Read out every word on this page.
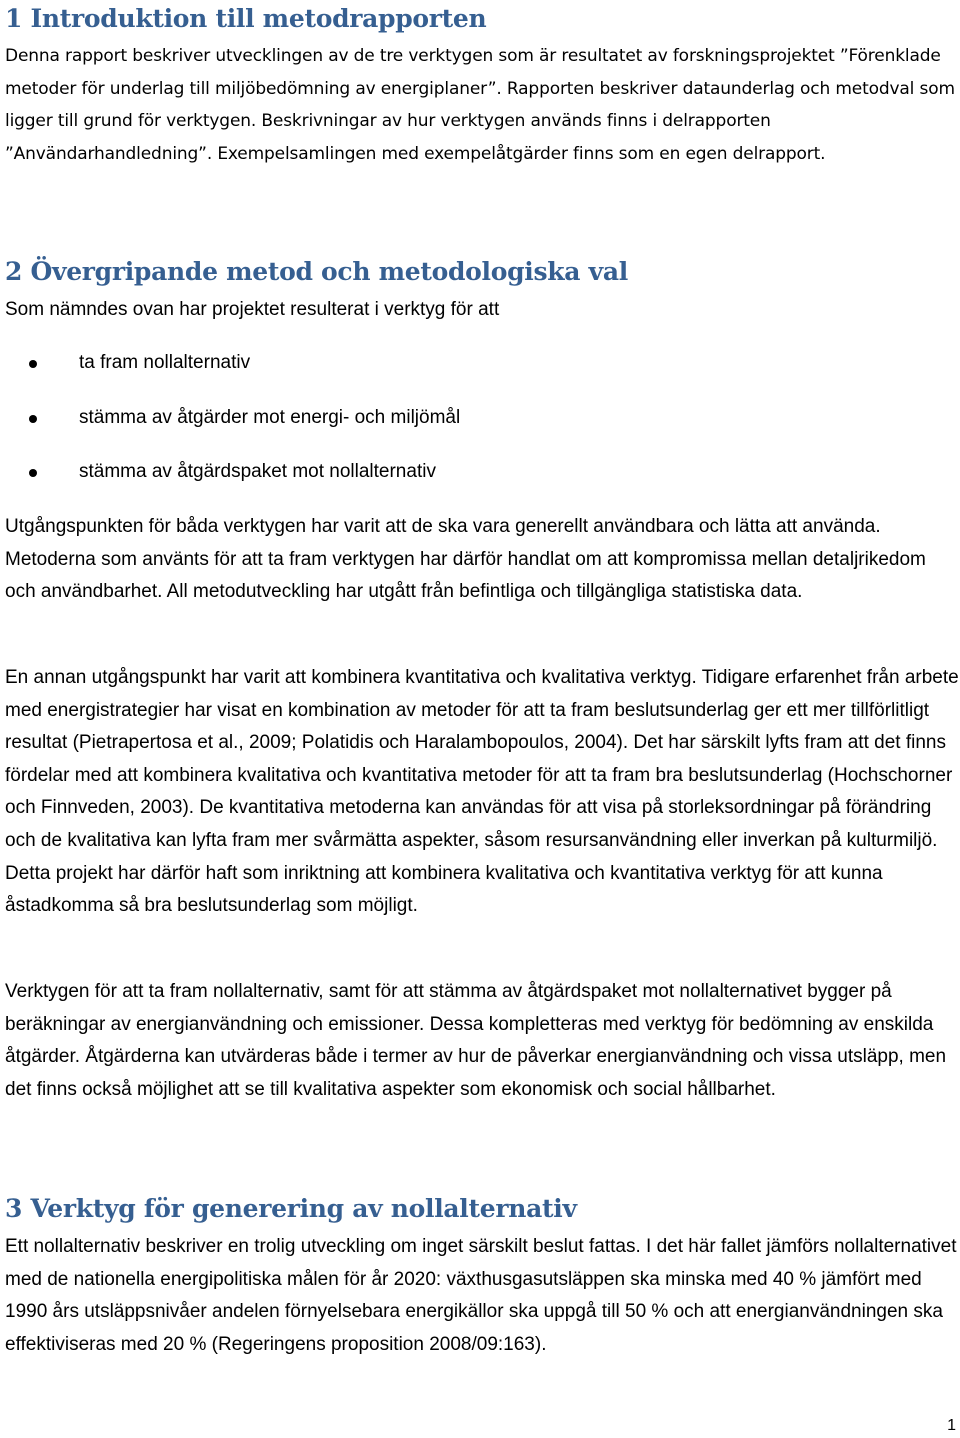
1 Introduktion till metodrapporten

Denna rapport beskriver utvecklingen av de tre verktygen som är resultatet av forskningsprojektet ”Förenklade metoder för underlag till miljöbedömning av energiplaner”. Rapporten beskriver dataunderlag och metodval som ligger till grund för verktygen. Beskrivningar av hur verktygen används finns i delrapporten ”Användarhandledning”. Exempelsamlingen med exempelåtgärder finns som en egen delrapport.

2 Övergripande metod och metodologiska val

Som nämndes ovan har projektet resulterat i verktyg för att

ta fram nollalternativ
stämma av åtgärder mot energi- och miljömål
stämma av åtgärdspaket mot nollalternativ

Utgångspunkten för båda verktygen har varit att de ska vara generellt användbara och lätta att använda. Metoderna som använts för att ta fram verktygen har därför handlat om att kompromissa mellan detaljrikedom och användbarhet. All metodutveckling har utgått från befintliga och tillgängliga statistiska data.

En annan utgångspunkt har varit att kombinera kvantitativa och kvalitativa verktyg. Tidigare erfarenhet från arbete med energistrategier har visat en kombination av metoder för att ta fram beslutsunderlag ger ett mer tillförlitligt resultat (Pietrapertosa et al., 2009; Polatidis och Haralambopoulos, 2004). Det har särskilt lyfts fram att det finns fördelar med att kombinera kvalitativa och kvantitativa metoder för att ta fram bra beslutsunderlag (Hochschorner och Finnveden, 2003). De kvantitativa metoderna kan användas för att visa på storleksordningar på förändring och de kvalitativa kan lyfta fram mer svårmätta aspekter, såsom resursanvändning eller inverkan på kulturmiljö. Detta projekt har därför haft som inriktning att kombinera kvalitativa och kvantitativa verktyg för att kunna åstadkomma så bra beslutsunderlag som möjligt.

Verktygen för att ta fram nollalternativ, samt för att stämma av åtgärdspaket mot nollalternativet bygger på beräkningar av energianvändning och emissioner. Dessa kompletteras med verktyg för bedömning av enskilda åtgärder. Åtgärderna kan utvärderas både i termer av hur de påverkar energianvändning och vissa utsläpp, men det finns också möjlighet att se till kvalitativa aspekter som ekonomisk och social hållbarhet.

3 Verktyg för generering av nollalternativ

Ett nollalternativ beskriver en trolig utveckling om inget särskilt beslut fattas. I det här fallet jämförs nollalternativet med de nationella energipolitiska målen för år 2020: växthusgasutsläppen ska minska med 40 % jämfört med 1990 års utsläppsnivåer andelen förnyelsebara energikällor ska uppgå till 50 % och att energianvändningen ska effektiviseras med 20 % (Regeringens proposition 2008/09:163).

1
